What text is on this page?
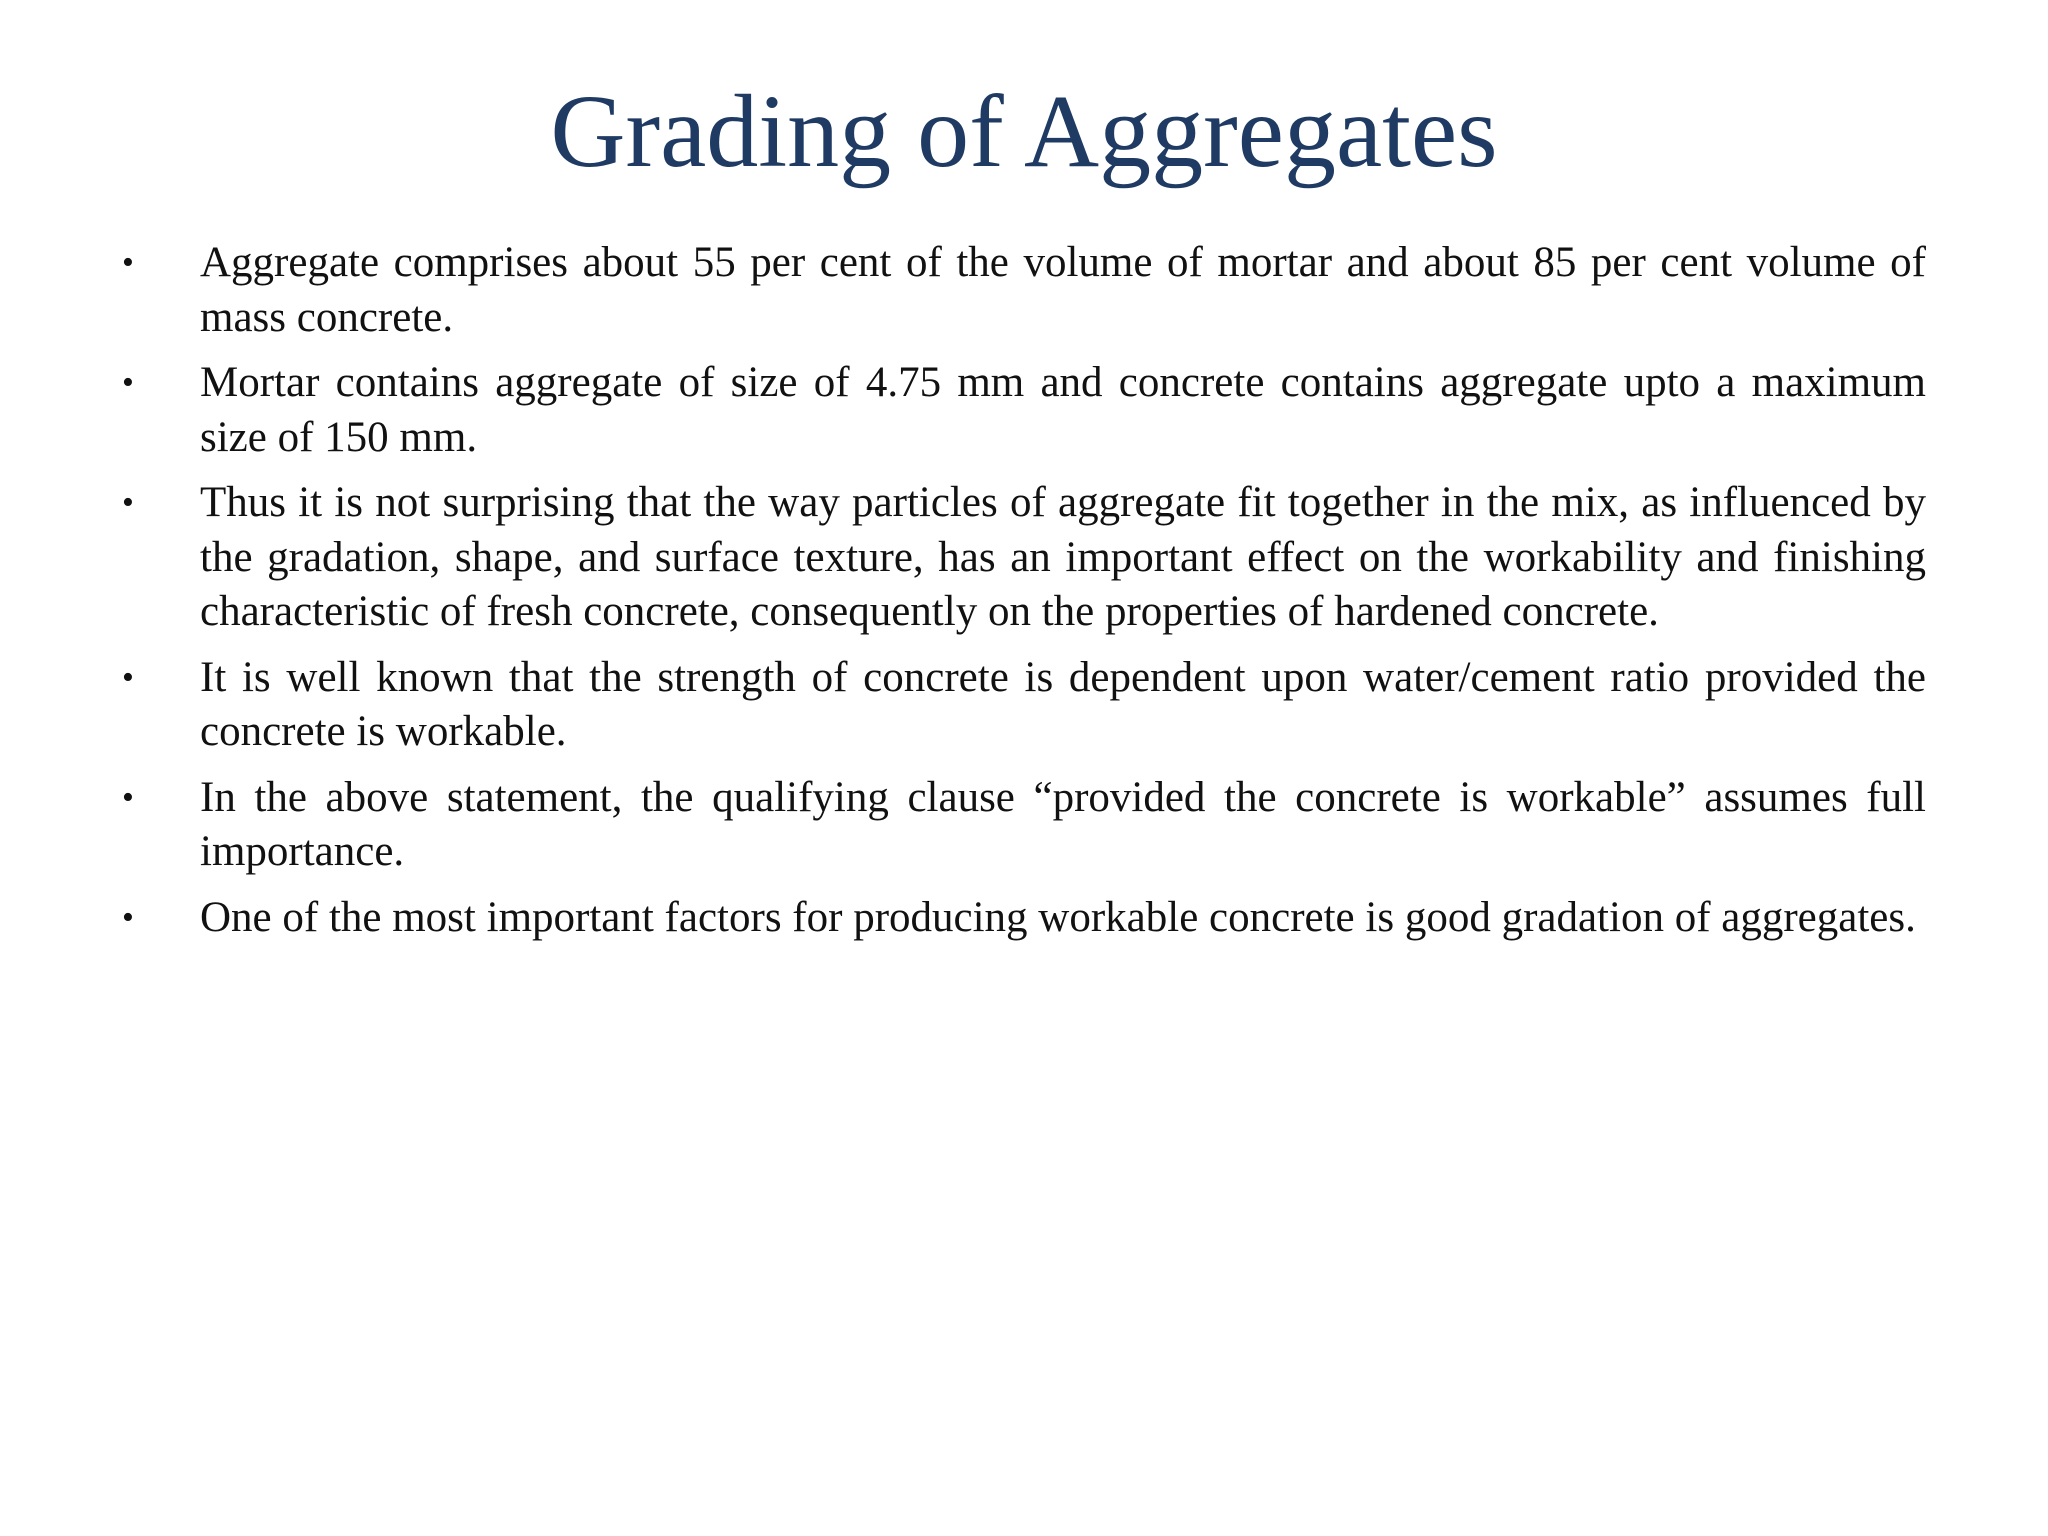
Grading of Aggregates
• Aggregate comprises about 55 per cent of the volume of mortar and about 85 per cent volume of mass concrete.
• Mortar contains aggregate of size of 4.75 mm and concrete contains aggregate upto a maximum size of 150 mm.
• Thus it is not surprising that the way particles of aggregate fit together in the mix, as influenced by the gradation, shape, and surface texture, has an important effect on the workability and finishing characteristic of fresh concrete, consequently on the properties of hardened concrete.
• It is well known that the strength of concrete is dependent upon water/cement ratio provided the concrete is workable.
• In the above statement, the qualifying clause “provided the concrete is workable” assumes full importance.
• One of the most important factors for producing workable concrete is good gradation of aggregates.
